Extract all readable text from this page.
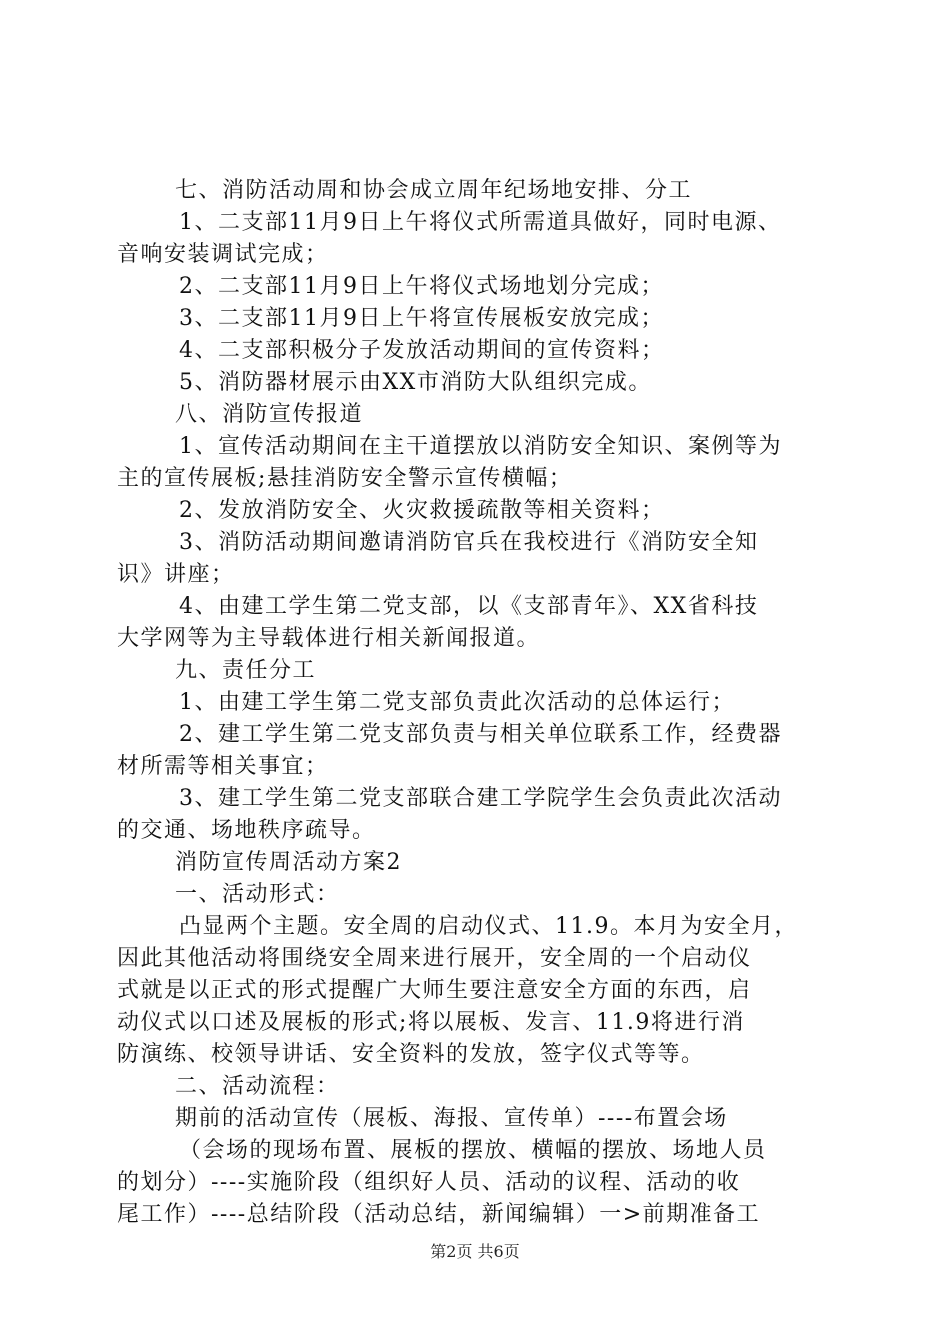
七、消防活动周和协会成立周年纪场地安排、分工
1、二支部11月9日上午将仪式所需道具做好，同时电源、
音响安装调试完成；
2、二支部11月9日上午将仪式场地划分完成；
3、二支部11月9日上午将宣传展板安放完成；
4、二支部积极分子发放活动期间的宣传资料；
5、消防器材展示由XX市消防大队组织完成。
八、消防宣传报道
1、宣传活动期间在主干道摆放以消防安全知识、案例等为
主的宣传展板;悬挂消防安全警示宣传横幅；
2、发放消防安全、火灾救援疏散等相关资料；
3、消防活动期间邀请消防官兵在我校进行《消防安全知
识》讲座；
4、由建工学生第二党支部，以《支部青年》、XX省科技
大学网等为主导载体进行相关新闻报道。
九、责任分工
1、由建工学生第二党支部负责此次活动的总体运行；
2、建工学生第二党支部负责与相关单位联系工作，经费器
材所需等相关事宜；
3、建工学生第二党支部联合建工学院学生会负责此次活动
的交通、场地秩序疏导。
消防宣传周活动方案2
一、活动形式：
凸显两个主题。安全周的启动仪式、11.9。本月为安全月，
因此其他活动将围绕安全周来进行展开，安全周的一个启动仪
式就是以正式的形式提醒广大师生要注意安全方面的东西，启
动仪式以口述及展板的形式;将以展板、发言、11.9将进行消
防演练、校领导讲话、安全资料的发放，签字仪式等等。
二、活动流程：
期前的活动宣传（展板、海报、宣传单）----布置会场
（会场的现场布置、展板的摆放、横幅的摆放、场地人员
的划分）----实施阶段（组织好人员、活动的议程、活动的收
尾工作）----总结阶段（活动总结，新闻编辑）一>前期准备工
第2页 共6页
